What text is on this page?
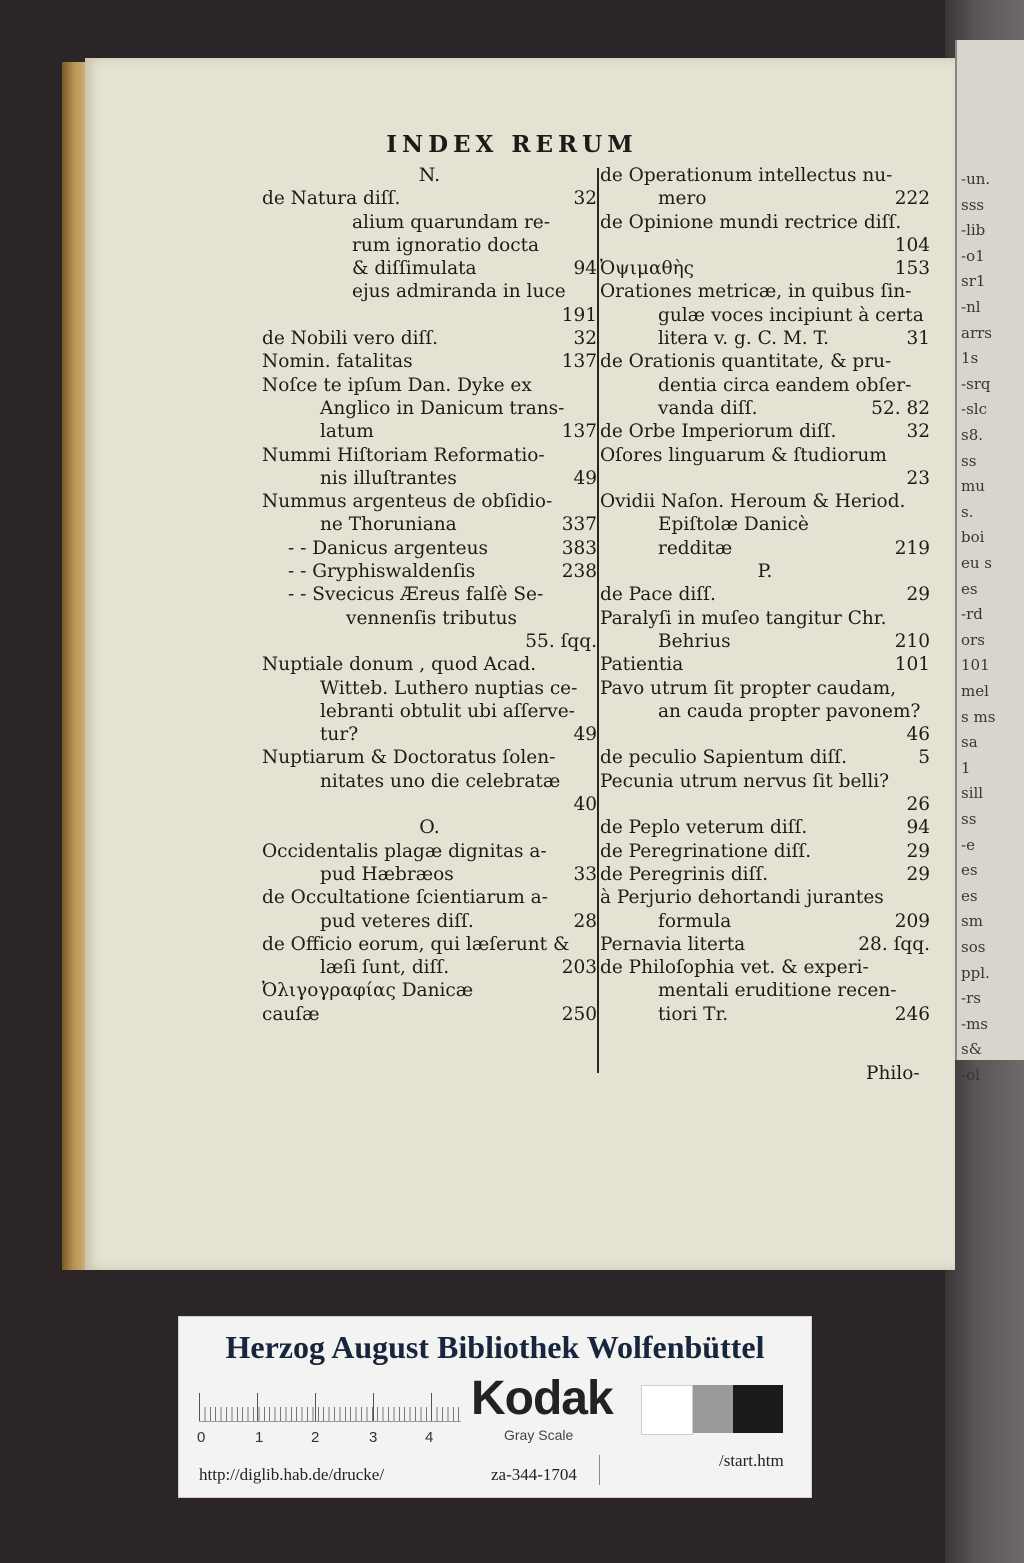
-un.
sss
-lib
-o1
sr1
-nl
arrs
1s
-srq
-slc
s8.
ss
mu
s.
boi
eu s
es
-rd
ors
101
mel
s ms
sa
1
sill
ss
-e
es
es
sm
sos
ppl.
-rs
-ms
s&
-ol
INDEX RERUM
N.
de Natura diſſ.	32
alium quarundam re-
rum ignoratio docta
& diſſimulata	94
ejus admiranda in luce
191
de Nobili vero diſſ.	32
Nomin. fatalitas	137
Noſce te ipſum Dan. Dyke ex
Anglico in Danicum trans-
latum	137
Nummi Hiſtoriam Reformatio-
nis illuſtrantes	49
Nummus argenteus de obſidio-
ne Thoruniana	337
- - Danicus argenteus	383
- - Gryphiswaldenſis	238
- - Svecicus Æreus falſè Se-
vennenſis tributus
55. ſqq.
Nuptiale donum , quod Acad.
Witteb. Luthero nuptias ce-
lebranti obtulit ubi aſſerve-
tur?	49
Nuptiarum & Doctoratus ſolen-
nitates uno die celebratæ
40
O.
Occidentalis plagæ dignitas a-
pud Hæbræos	33
de Occultatione ſcientiarum a-
pud veteres diſſ.	28
de Officio eorum, qui læſerunt &
læſi ſunt, diſſ.	203
Ὀλιγογραφίας Danicæ cauſæ	250
de Operationum intellectus nu-
mero	222
de Opinione mundi rectrice diſſ.
104
Ὀψιμαθὴς	153
Orationes metricæ, in quibus ſin-
gulæ voces incipiunt à certa
litera v. g. C. M. T.	31
de Orationis quantitate, & pru-
dentia circa eandem obſer-
vanda diſſ.	52. 82
de Orbe Imperiorum diſſ.	32
Oſores linguarum & ſtudiorum
23
Ovidii Naſon. Heroum & Heriod.
Epiſtolæ Danicè redditæ	219
P.
de Pace diſſ.	29
Paralyſi in muſeo tangitur Chr.
Behrius	210
Patientia	101
Pavo utrum ſit propter caudam,
an cauda propter pavonem?
46
de peculio Sapientum diſſ.	5
Pecunia utrum nervus ſit belli?
26
de Peplo veterum diſſ.	94
de Peregrinatione diſſ.	29
de Peregrinis diſſ.	29
à Perjurio dehortandi jurantes
formula	209
Pernavia literta	28. ſqq.
de Philoſophia vet. & experi-
mentali eruditione recen-
tiori Tr.	246
Philo-
Herzog August Bibliothek Wolfenbüttel
0	1	2	3	4
Kodak
Gray Scale
http://diglib.hab.de/drucke/	za-344-1704
/start.htm
